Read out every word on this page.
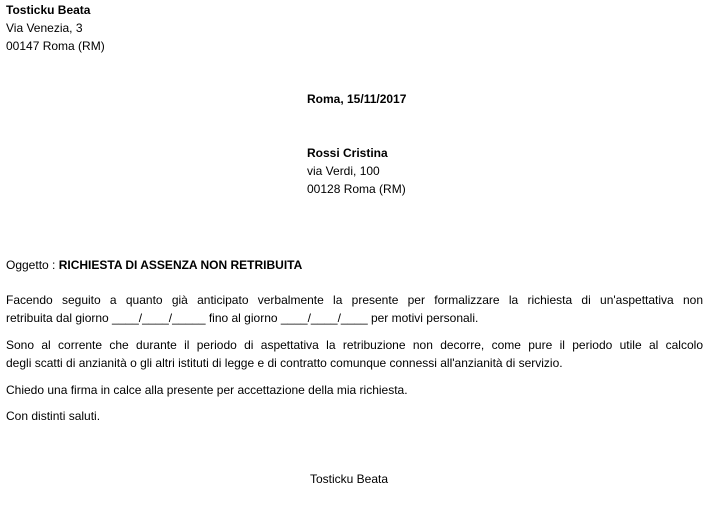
Tosticku Beata
Via Venezia, 3
00147 Roma (RM)
Roma, 15/11/2017
Rossi Cristina
via Verdi, 100
00128 Roma (RM)
Oggetto : RICHIESTA DI ASSENZA NON RETRIBUITA
Facendo seguito a quanto già anticipato verbalmente la presente per formalizzare la richiesta di un'aspettativa non
retribuita dal giorno ____/____/_____ fino al giorno ____/____/____ per motivi personali.
Sono al corrente che durante il periodo di aspettativa la retribuzione non decorre, come pure il periodo utile al calcolo
degli scatti di anzianità o gli altri istituti di legge e di contratto comunque connessi all'anzianità di servizio.
Chiedo una firma in calce alla presente per accettazione della mia richiesta.
Con distinti saluti.
Tosticku Beata
